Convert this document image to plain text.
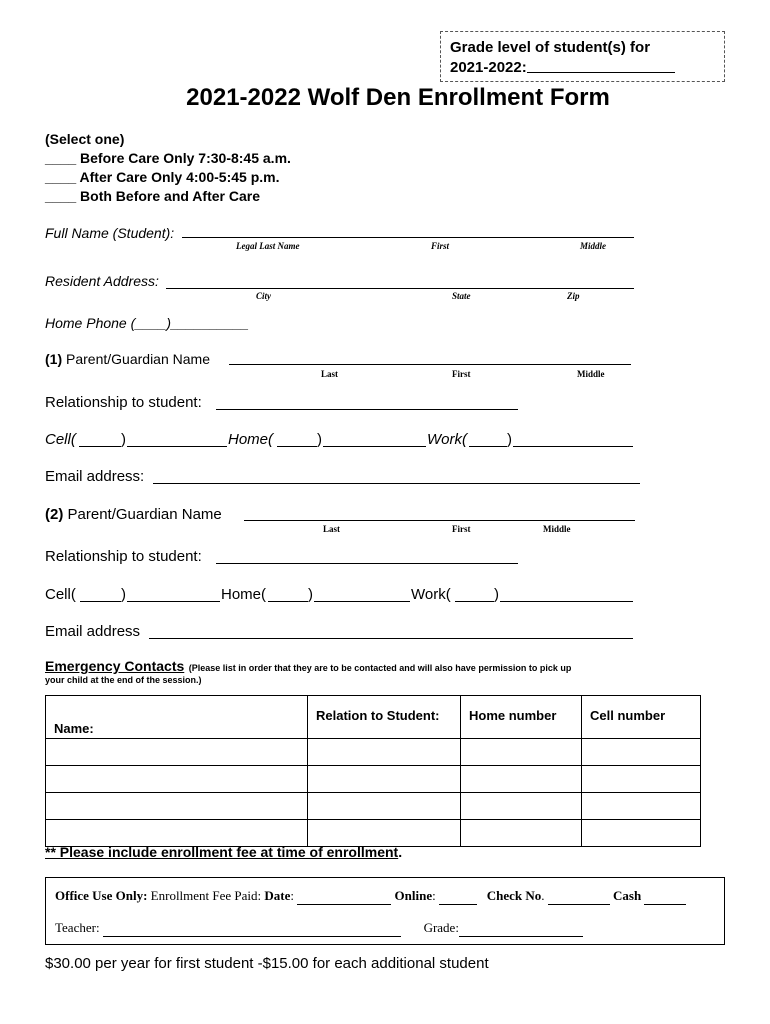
Grade level of student(s) for
2021-2022:
2021-2022 Wolf Den Enrollment Form
(Select one)
____ Before Care Only 7:30-8:45 a.m.
____ After Care Only 4:00-5:45 p.m.
____ Both Before and After Care
Full Name (Student):
Legal Last Name	First	Middle
Resident Address:
City	State	Zip
Home Phone (____)__________
(1) Parent/Guardian Name
Last	First	Middle
Relationship to student:
Cell(	)	Home(	)	Work(	)
Email address:
(2) Parent/Guardian Name
Last	First	Middle
Relationship to student:
Cell(	)	Home(	)	Work(	)
Email address
Emergency Contacts (Please list in order that they are to be contacted and will also have permission to pick up
your child at the end of the session.)
Name:	Relation to Student:	Home number	Cell number

** Please include enrollment fee at time of enrollment.
Office Use Only: Enrollment Fee Paid: Date:	Online:	Check No.	Cash
Teacher:	Grade:
$30.00 per year for first student -$15.00 for each additional student
